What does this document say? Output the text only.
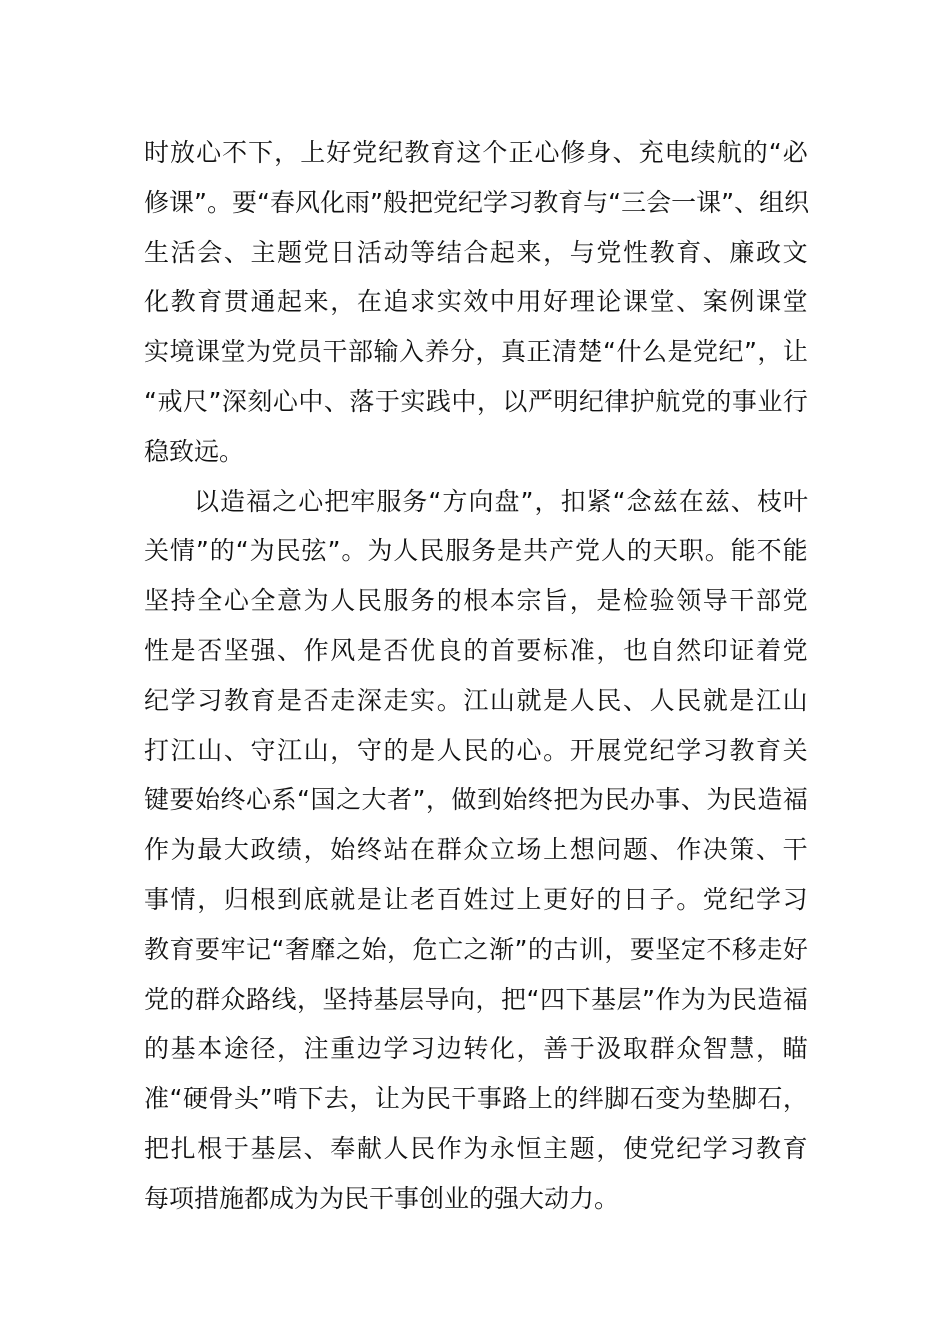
时 放 心 不 下 ， 上 好 党 纪 教 育 这 个 正 心 修 身 、 充 电 续 航 的 “ 必
修 课 ” 。 要 “ 春 风 化 雨 ” 般 把 党 纪 学 习 教 育 与 “ 三 会 一 课 ” 、 组 织
生 活 会 、 主 题 党 日 活 动 等 结 合 起 来 ， 与 党 性 教 育 、 廉 政 文
化 教 育 贯 通 起 来 ， 在 追 求 实 效 中 用 好 理 论 课 堂 、 案 例 课 堂
实 境 课 堂 为 党 员 干 部 输 入 养 分 ， 真 正 清 楚 “ 什 么 是 党 纪 ” ， 让
“ 戒 尺 ” 深 刻 心 中 、 落 于 实 践 中 ， 以 严 明 纪 律 护 航 党 的 事 业 行
稳致远。
以 造 福 之 心 把 牢 服 务 “ 方 向 盘 ” ， 扣 紧 “ 念 兹 在 兹 、 枝 叶
关 情 ” 的 “ 为 民 弦 ” 。 为 人 民 服 务 是 共 产 党 人 的 天 职 。 能 不 能
坚 持 全 心 全 意 为 人 民 服 务 的 根 本 宗 旨 ， 是 检 验 领 导 干 部 党
性 是 否 坚 强 、 作 风 是 否 优 良 的 首 要 标 准 ， 也 自 然 印 证 着 党
纪 学 习 教 育 是 否 走 深 走 实 。 江 山 就 是 人 民 、 人 民 就 是 江 山
打 江 山 、 守 江 山 ， 守 的 是 人 民 的 心 。 开 展 党 纪 学 习 教 育 关
键 要 始 终 心 系 “ 国 之 大 者 ” ， 做 到 始 终 把 为 民 办 事 、 为 民 造 福
作 为 最 大 政 绩 ， 始 终 站 在 群 众 立 场 上 想 问 题 、 作 决 策 、 干
事 情 ， 归 根 到 底 就 是 让 老 百 姓 过 上 更 好 的 日 子 。 党 纪 学 习
教 育 要 牢 记 “ 奢 靡 之 始 ， 危 亡 之 渐 ” 的 古 训 ， 要 坚 定 不 移 走 好
党 的 群 众 路 线 ， 坚 持 基 层 导 向 ， 把 “ 四 下 基 层 ” 作 为 为 民 造 福
的 基 本 途 径 ， 注 重 边 学 习 边 转 化 ， 善 于 汲 取 群 众 智 慧 ， 瞄
准 “ 硬 骨 头 ” 啃 下 去 ， 让 为 民 干 事 路 上 的 绊 脚 石 变 为 垫 脚 石 ，
把 扎 根 于 基 层 、 奉 献 人 民 作 为 永 恒 主 题 ， 使 党 纪 学 习 教 育
每项措施都成为为民干事创业的强大动力。
